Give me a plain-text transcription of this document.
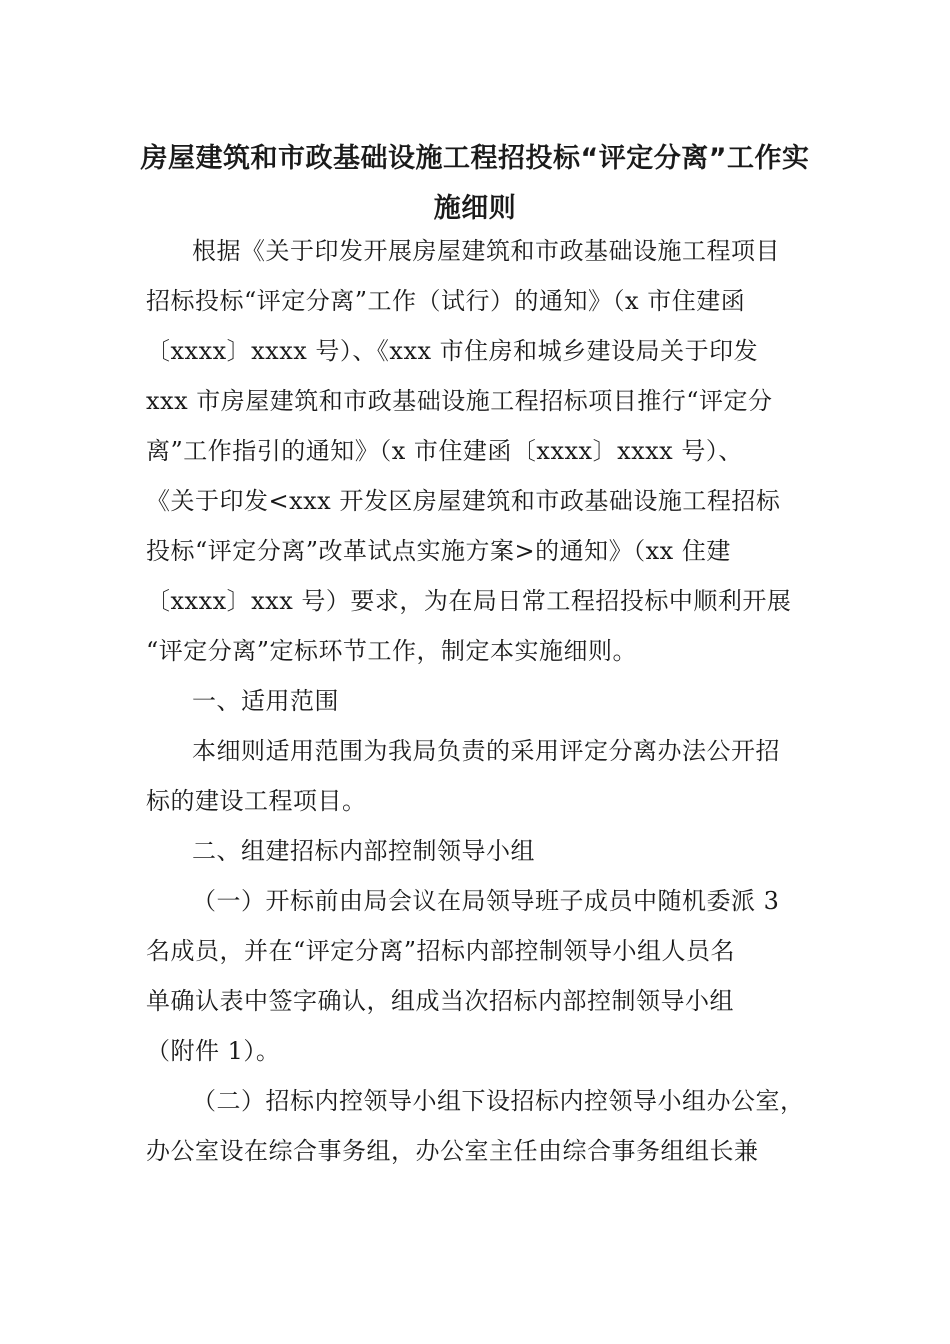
房屋建筑和市政基础设施工程招投标“评定分离”工作实
施细则
根据《关于印发开展房屋建筑和市政基础设施工程项目
招标投标“评定分离”工作（试行）的通知》（x 市住建函
〔xxxx〕xxxx 号）、《xxx 市住房和城乡建设局关于印发
xxx 市房屋建筑和市政基础设施工程招标项目推行“评定分
离”工作指引的通知》（x 市住建函〔xxxx〕xxxx 号）、
《关于印发<xxx 开发区房屋建筑和市政基础设施工程招标
投标“评定分离”改革试点实施方案>的通知》（xx 住建
〔xxxx〕xxx 号）要求，为在局日常工程招投标中顺利开展
“评定分离”定标环节工作，制定本实施细则。
一、适用范围
本细则适用范围为我局负责的采用评定分离办法公开招
标的建设工程项目。
二、组建招标内部控制领导小组
（一）开标前由局会议在局领导班子成员中随机委派 3
名成员，并在“评定分离”招标内部控制领导小组人员名
单确认表中签字确认，组成当次招标内部控制领导小组
（附件 1）。
（二）招标内控领导小组下设招标内控领导小组办公室，
办公室设在综合事务组，办公室主任由综合事务组组长兼
